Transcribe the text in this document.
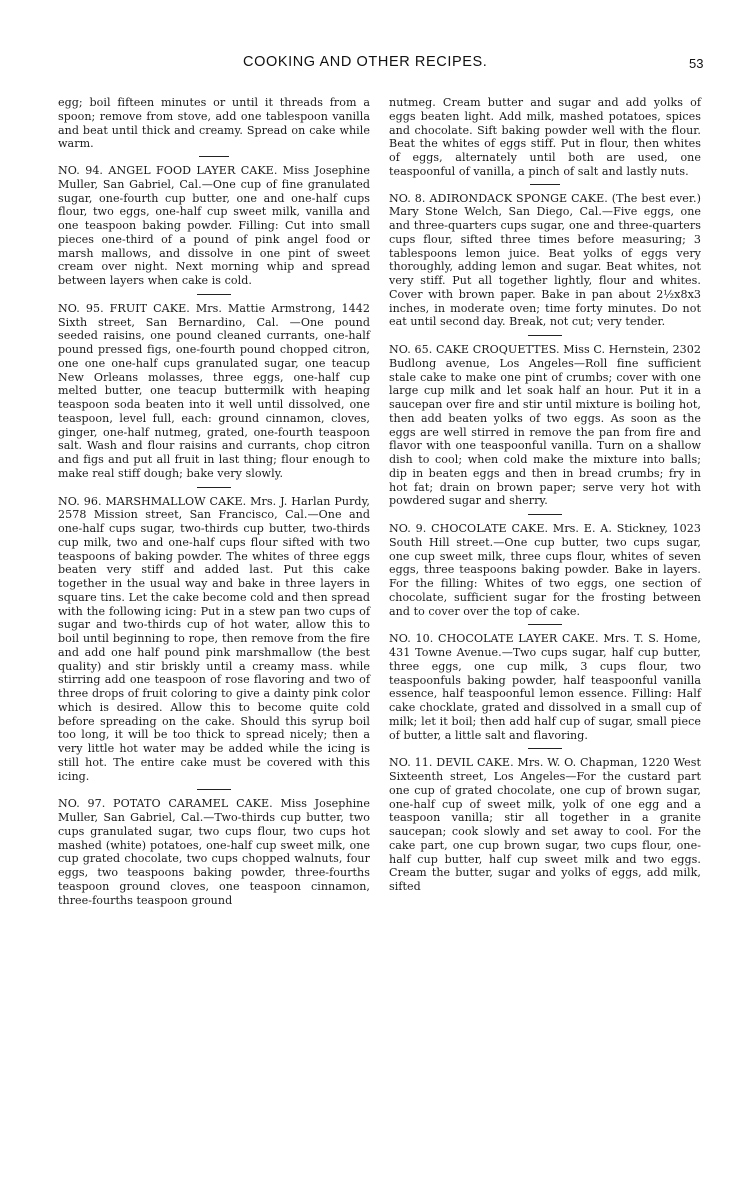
COOKING AND OTHER RECIPES.	53

egg; boil fifteen minutes or until it threads from a spoon; remove from stove, add one tablespoon vanilla and beat until thick and creamy. Spread on cake while warm.

NO. 94. ANGEL FOOD LAYER CAKE. Miss Josephine Muller, San Gabriel, Cal.—One cup of fine granulated sugar, one-fourth cup butter, one and one-half cups flour, two eggs, one-half cup sweet milk, vanilla and one teaspoon baking powder. Filling: Cut into small pieces one-third of a pound of pink angel food or marsh mallows, and dissolve in one pint of sweet cream over night. Next morning whip and spread between layers when cake is cold.

NO. 95. FRUIT CAKE. Mrs. Mattie Armstrong, 1442 Sixth street, San Bernardino, Cal. —One pound seeded raisins, one pound cleaned currants, one-half pound pressed figs, one-fourth pound chopped citron, one one one-half cups granulated sugar, one teacup New Orleans molasses, three eggs, one-half cup melted butter, one teacup buttermilk with heaping teaspoon soda beaten into it well until dissolved, one teaspoon, level full, each: ground cinnamon, cloves, ginger, one-half nutmeg, grated, one-fourth teaspoon salt. Wash and flour raisins and currants, chop citron and figs and put all fruit in last thing; flour enough to make real stiff dough; bake very slowly.

NO. 96. MARSHMALLOW CAKE. Mrs. J. Harlan Purdy, 2578 Mission street, San Francisco, Cal.—One and one-half cups sugar, two-thirds cup butter, two-thirds cup milk, two and one-half cups flour sifted with two teaspoons of baking powder. The whites of three eggs beaten very stiff and added last. Put this cake together in the usual way and bake in three layers in square tins. Let the cake become cold and then spread with the following icing: Put in a stew pan two cups of sugar and two-thirds cup of hot water, allow this to boil until beginning to rope, then remove from the fire and add one half pound pink marshmallow (the best quality) and stir briskly until a creamy mass. while stirring add one teaspoon of rose flavoring and two of three drops of fruit coloring to give a dainty pink color which is desired. Allow this to become quite cold before spreading on the cake. Should this syrup boil too long, it will be too thick to spread nicely; then a very little hot water may be added while the icing is still hot. The entire cake must be covered with this icing.

NO. 97. POTATO CARAMEL CAKE. Miss Josephine Muller, San Gabriel, Cal.—Two-thirds cup butter, two cups granulated sugar, two cups flour, two cups hot mashed (white) potatoes, one-half cup sweet milk, one cup grated chocolate, two cups chopped walnuts, four eggs, two teaspoons baking powder, three-fourths teaspoon ground cloves, one teaspoon cinnamon, three-fourths teaspoon ground

nutmeg. Cream butter and sugar and add yolks of eggs beaten light. Add milk, mashed potatoes, spices and chocolate. Sift baking powder well with the flour. Beat the whites of eggs stiff. Put in flour, then whites of eggs, alternately until both are used, one teaspoonful of vanilla, a pinch of salt and lastly nuts.

NO. 8. ADIRONDACK SPONGE CAKE. (The best ever.) Mary Stone Welch, San Diego, Cal.—Five eggs, one and three-quarters cups sugar, one and three-quarters cups flour, sifted three times before measuring; 3 tablespoons lemon juice. Beat yolks of eggs very thoroughly, adding lemon and sugar. Beat whites, not very stiff. Put all together lightly, flour and whites. Cover with brown paper. Bake in pan about 2½x8x3 inches, in moderate oven; time forty minutes. Do not eat until second day. Break, not cut; very tender.

NO. 65. CAKE CROQUETTES. Miss C. Hernstein, 2302 Budlong avenue, Los Angeles—Roll fine sufficient stale cake to make one pint of crumbs; cover with one large cup milk and let soak half an hour. Put it in a saucepan over fire and stir until mixture is boiling hot, then add beaten yolks of two eggs. As soon as the eggs are well stirred in remove the pan from fire and flavor with one teaspoonful vanilla. Turn on a shallow dish to cool; when cold make the mixture into balls; dip in beaten eggs and then in bread crumbs; fry in hot fat; drain on brown paper; serve very hot with powdered sugar and sherry.

NO. 9. CHOCOLATE CAKE. Mrs. E. A. Stickney, 1023 South Hill street.—One cup butter, two cups sugar, one cup sweet milk, three cups flour, whites of seven eggs, three teaspoons baking powder. Bake in layers. For the filling: Whites of two eggs, one section of chocolate, sufficient sugar for the frosting between and to cover over the top of cake.

NO. 10. CHOCOLATE LAYER CAKE. Mrs. T. S. Home, 431 Towne Avenue.—Two cups sugar, half cup butter, three eggs, one cup milk, 3 cups flour, two teaspoonfuls baking powder, half teaspoonful vanilla essence, half teaspoonful lemon essence. Filling: Half cake chocklate, grated and dissolved in a small cup of milk; let it boil; then add half cup of sugar, small piece of butter, a little salt and flavoring.

NO. 11. DEVIL CAKE. Mrs. W. O. Chapman, 1220 West Sixteenth street, Los Angeles—For the custard part one cup of grated chocolate, one cup of brown sugar, one-half cup of sweet milk, yolk of one egg and a teaspoon vanilla; stir all together in a granite saucepan; cook slowly and set away to cool. For the cake part, one cup brown sugar, two cups flour, one-half cup butter, half cup sweet milk and two eggs. Cream the butter, sugar and yolks of eggs, add milk, sifted
